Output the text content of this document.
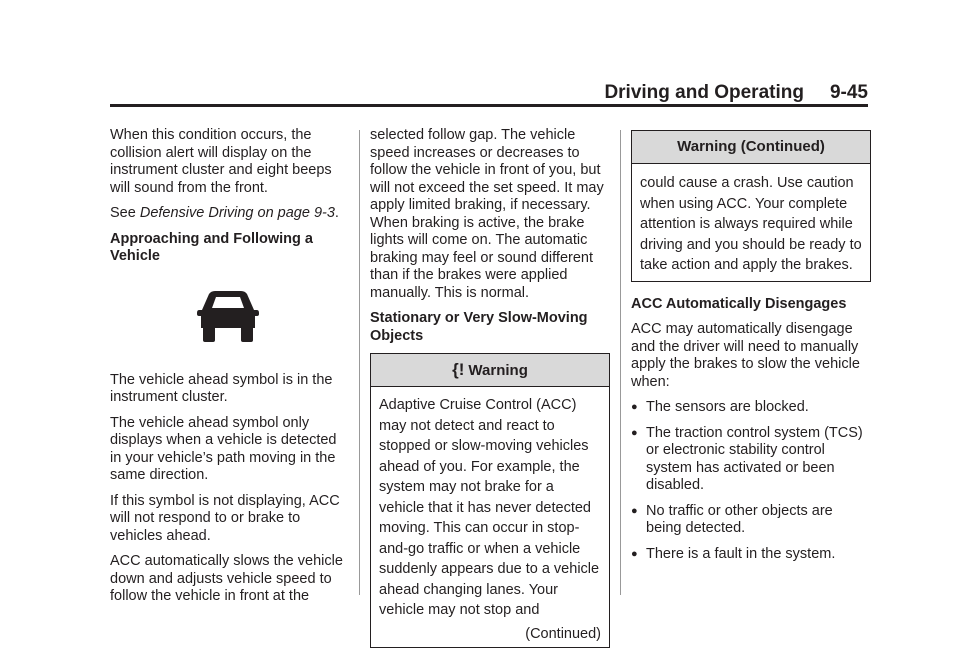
Driving and Operating 9-45

When this condition occurs, the collision alert will display on the instrument cluster and eight beeps will sound from the front.

See Defensive Driving on page 9-3.

Approaching and Following a Vehicle

The vehicle ahead symbol is in the instrument cluster.

The vehicle ahead symbol only displays when a vehicle is detected in your vehicle’s path moving in the same direction.

If this symbol is not displaying, ACC will not respond to or brake to vehicles ahead.

ACC automatically slows the vehicle down and adjusts vehicle speed to follow the vehicle in front at the

selected follow gap. The vehicle speed increases or decreases to follow the vehicle in front of you, but will not exceed the set speed. It may apply limited braking, if necessary. When braking is active, the brake lights will come on. The automatic braking may feel or sound different than if the brakes were applied manually. This is normal.

Stationary or Very Slow-Moving Objects

{! Warning
Adaptive Cruise Control (ACC) may not detect and react to stopped or slow-moving vehicles ahead of you. For example, the system may not brake for a vehicle that it has never detected moving. This can occur in stop-and-go traffic or when a vehicle suddenly appears due to a vehicle ahead changing lanes. Your vehicle may not stop and
(Continued)
Warning (Continued)
could cause a crash. Use caution when using ACC. Your complete attention is always required while driving and you should be ready to take action and apply the brakes.

ACC Automatically Disengages

ACC may automatically disengage and the driver will need to manually apply the brakes to slow the vehicle when:

● The sensors are blocked.
● The traction control system (TCS) or electronic stability control system has activated or been disabled.
● No traffic or other objects are being detected.
● There is a fault in the system.
